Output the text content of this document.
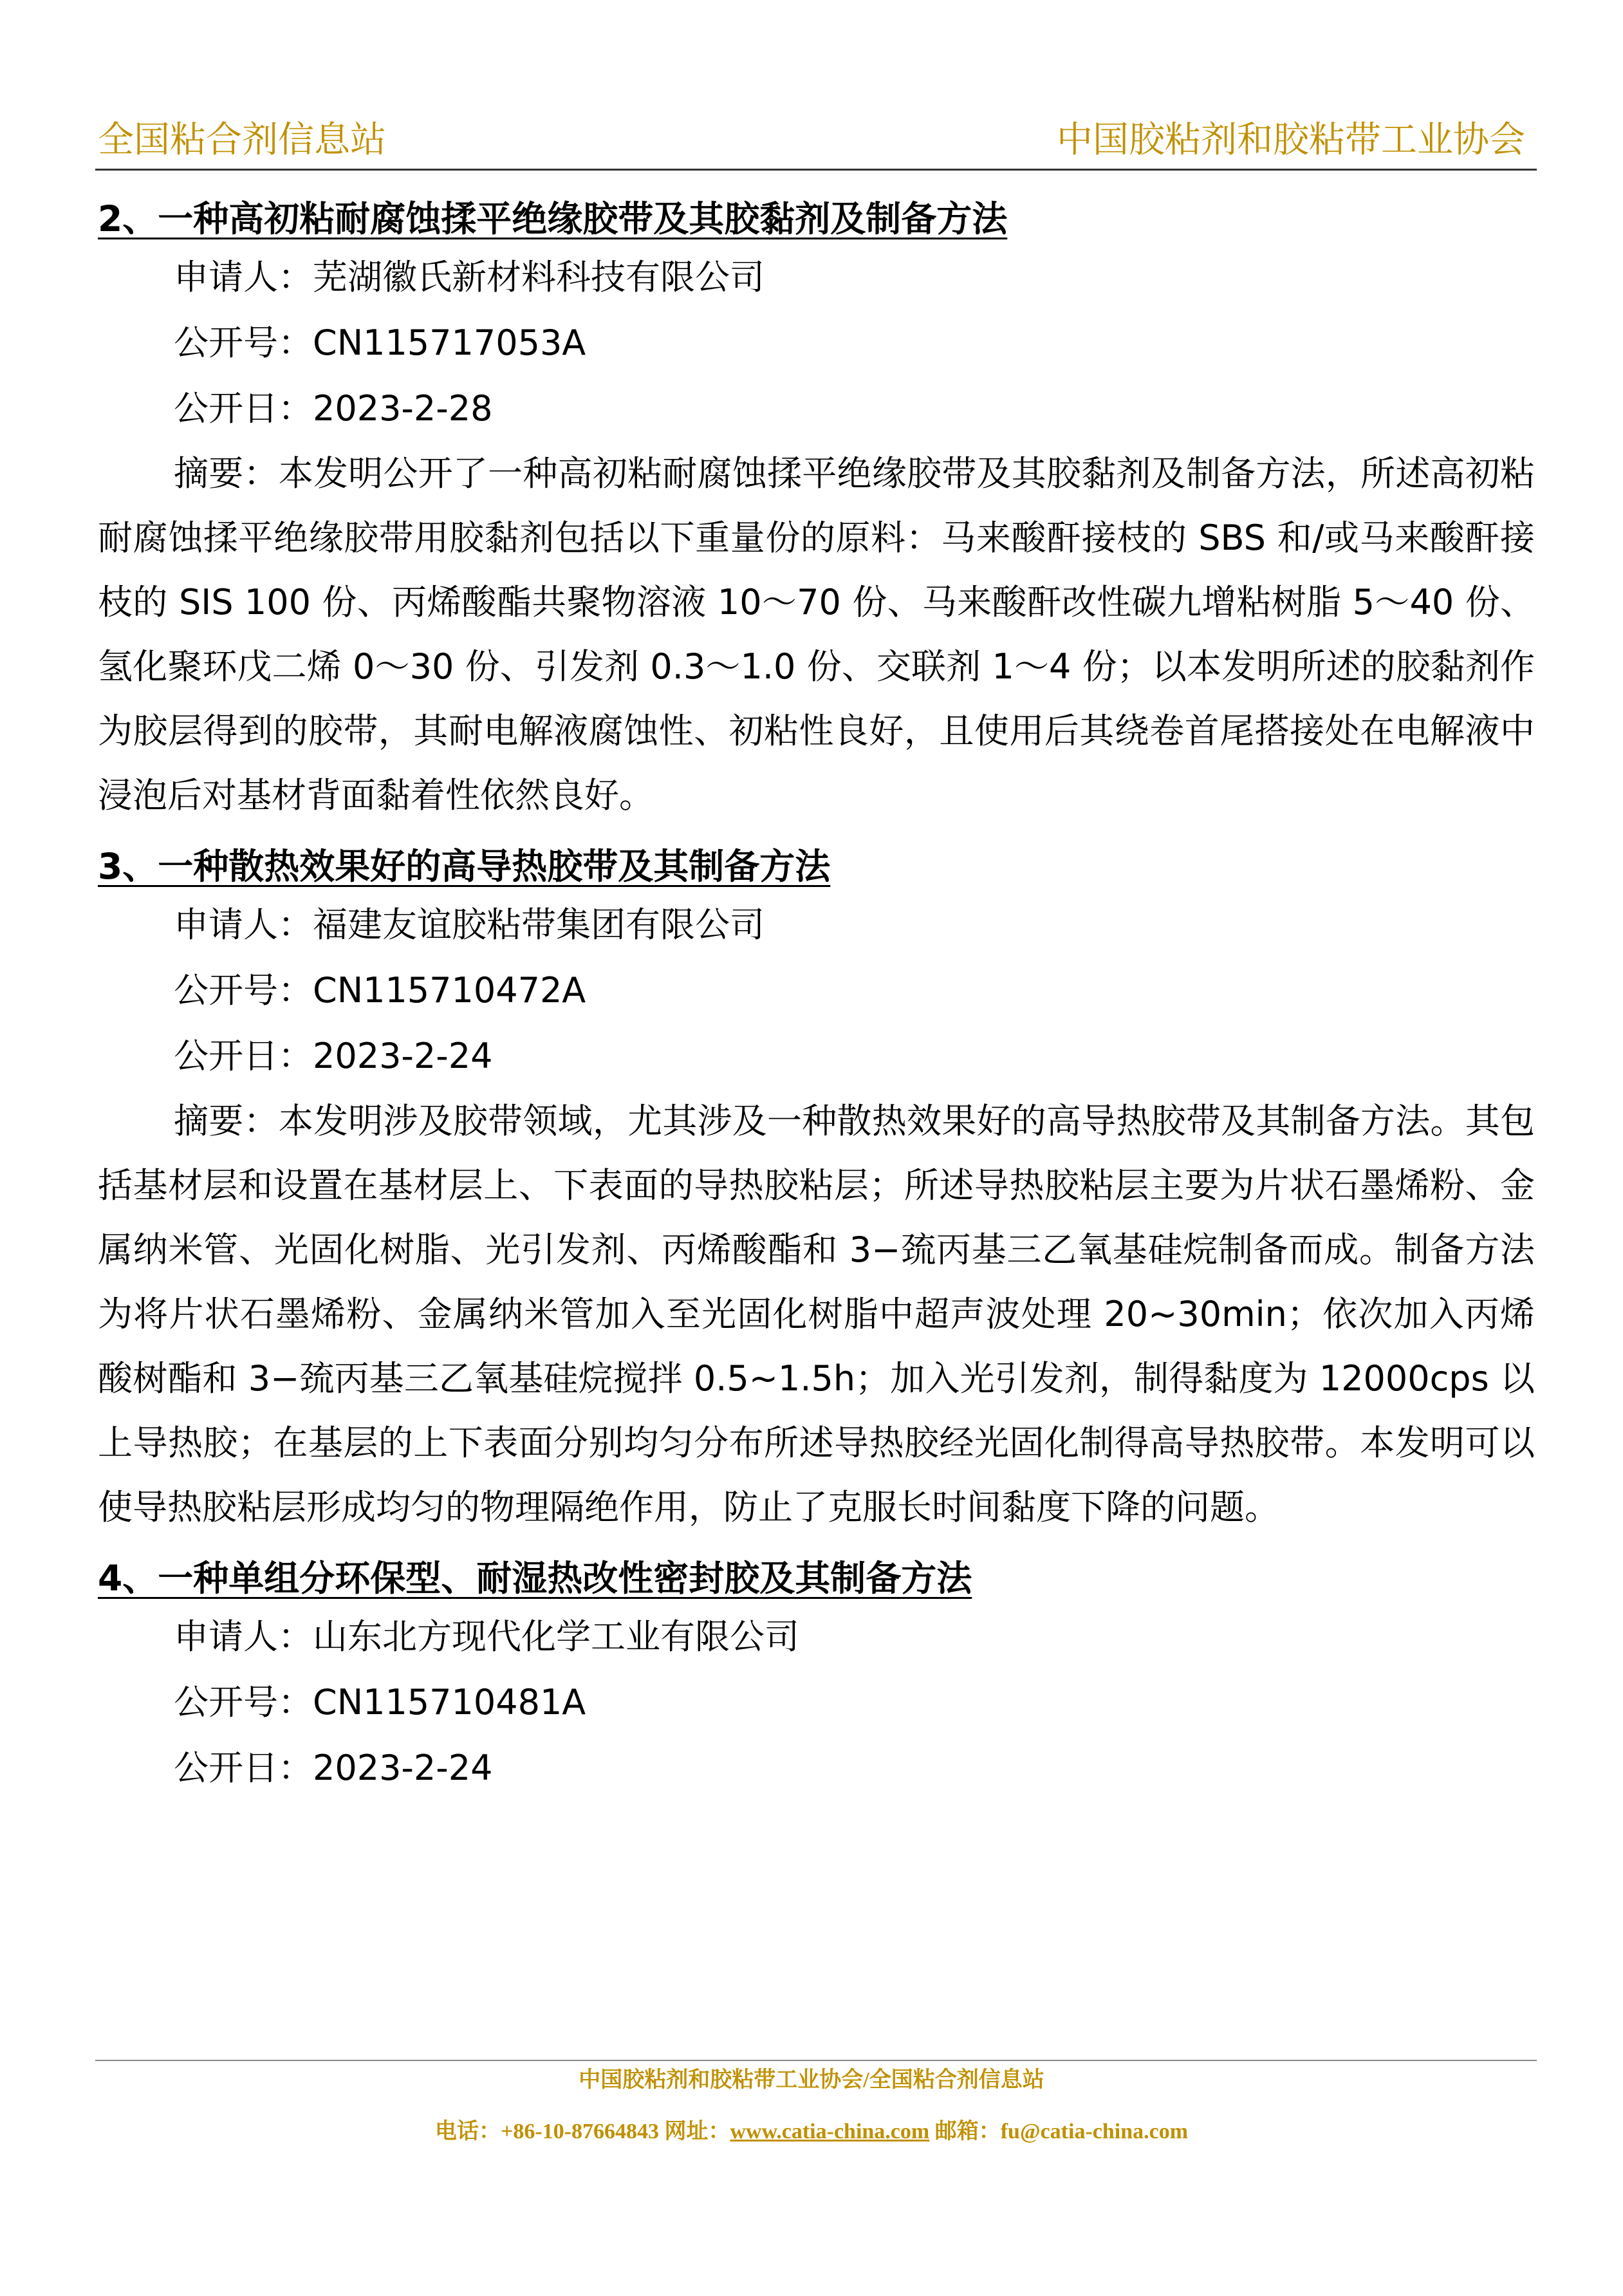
全国粘合剂信息站	中国胶粘剂和胶粘带工业协会

2、一种高初粘耐腐蚀揉平绝缘胶带及其胶黏剂及制备方法

申请人：芜湖徽氏新材料科技有限公司

公开号：CN115717053A

公开日：2023-2-28

摘要：本发明公开了一种高初粘耐腐蚀揉平绝缘胶带及其胶黏剂及制备方法，所述高初粘耐腐蚀揉平绝缘胶带用胶黏剂包括以下重量份的原料：马来酸酐接枝的 SBS 和/或马来酸酐接枝的 SIS 100 份、丙烯酸酯共聚物溶液 10～70 份、马来酸酐改性碳九增粘树脂 5～40 份、氢化聚环戊二烯 0～30 份、引发剂 0.3～1.0 份、交联剂 1～4 份；以本发明所述的胶黏剂作为胶层得到的胶带，其耐电解液腐蚀性、初粘性良好，且使用后其绕卷首尾搭接处在电解液中浸泡后对基材背面黏着性依然良好。

3、一种散热效果好的高导热胶带及其制备方法

申请人：福建友谊胶粘带集团有限公司

公开号：CN115710472A

公开日：2023-2-24

摘要：本发明涉及胶带领域，尤其涉及一种散热效果好的高导热胶带及其制备方法。其包括基材层和设置在基材层上、下表面的导热胶粘层；所述导热胶粘层主要为片状石墨烯粉、金属纳米管、光固化树脂、光引发剂、丙烯酸酯和 3−巯丙基三乙氧基硅烷制备而成。制备方法为将片状石墨烯粉、金属纳米管加入至光固化树脂中超声波处理 20~30min；依次加入丙烯酸树酯和 3−巯丙基三乙氧基硅烷搅拌 0.5~1.5h；加入光引发剂，制得黏度为 12000cps 以上导热胶；在基层的上下表面分别均匀分布所述导热胶经光固化制得高导热胶带。本发明可以使导热胶粘层形成均匀的物理隔绝作用，防止了克服长时间黏度下降的问题。

4、一种单组分环保型、耐湿热改性密封胶及其制备方法

申请人：山东北方现代化学工业有限公司

公开号：CN115710481A

公开日：2023-2-24

中国胶粘剂和胶粘带工业协会/全国粘合剂信息站
电话：+86-10-87664843 网址：www.catia-china.com 邮箱：fu@catia-china.com
